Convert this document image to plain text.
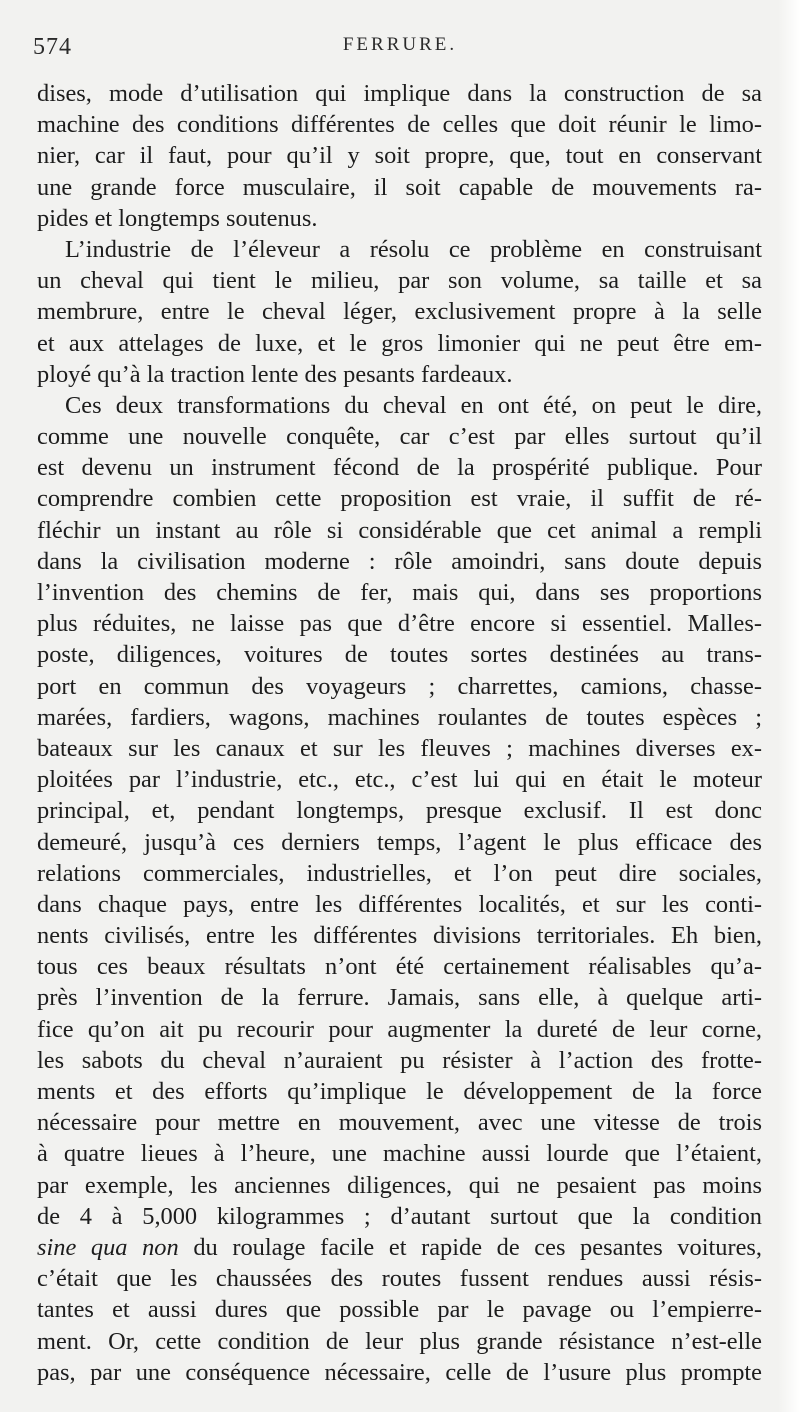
574	FERRURE.
dises, mode d’utilisation qui implique dans la construction de sa
machine des conditions différentes de celles que doit réunir le limo-
nier, car il faut, pour qu’il y soit propre, que, tout en conservant
une grande force musculaire, il soit capable de mouvements ra-
pides et longtemps soutenus.
L’industrie de l’éleveur a résolu ce problème en construisant
un cheval qui tient le milieu, par son volume, sa taille et sa
membrure, entre le cheval léger, exclusivement propre à la selle
et aux attelages de luxe, et le gros limonier qui ne peut être em-
ployé qu’à la traction lente des pesants fardeaux.
Ces deux transformations du cheval en ont été, on peut le dire,
comme une nouvelle conquête, car c’est par elles surtout qu’il
est devenu un instrument fécond de la prospérité publique. Pour
comprendre combien cette proposition est vraie, il suffit de ré-
fléchir un instant au rôle si considérable que cet animal a rempli
dans la civilisation moderne : rôle amoindri, sans doute depuis
l’invention des chemins de fer, mais qui, dans ses proportions
plus réduites, ne laisse pas que d’être encore si essentiel. Malles-
poste, diligences, voitures de toutes sortes destinées au trans-
port en commun des voyageurs ; charrettes, camions, chasse-
marées, fardiers, wagons, machines roulantes de toutes espèces ;
bateaux sur les canaux et sur les fleuves ; machines diverses ex-
ploitées par l’industrie, etc., etc., c’est lui qui en était le moteur
principal, et, pendant longtemps, presque exclusif. Il est donc
demeuré, jusqu’à ces derniers temps, l’agent le plus efficace des
relations commerciales, industrielles, et l’on peut dire sociales,
dans chaque pays, entre les différentes localités, et sur les conti-
nents civilisés, entre les différentes divisions territoriales. Eh bien,
tous ces beaux résultats n’ont été certainement réalisables qu’a-
près l’invention de la ferrure. Jamais, sans elle, à quelque arti-
fice qu’on ait pu recourir pour augmenter la dureté de leur corne,
les sabots du cheval n’auraient pu résister à l’action des frotte-
ments et des efforts qu’implique le développement de la force
nécessaire pour mettre en mouvement, avec une vitesse de trois
à quatre lieues à l’heure, une machine aussi lourde que l’étaient,
par exemple, les anciennes diligences, qui ne pesaient pas moins
de 4 à 5,000 kilogrammes ; d’autant surtout que la condition
sine qua non du roulage facile et rapide de ces pesantes voitures,
c’était que les chaussées des routes fussent rendues aussi résis-
tantes et aussi dures que possible par le pavage ou l’empierre-
ment. Or, cette condition de leur plus grande résistance n’est-elle
pas, par une conséquence nécessaire, celle de l’usure plus prompte
